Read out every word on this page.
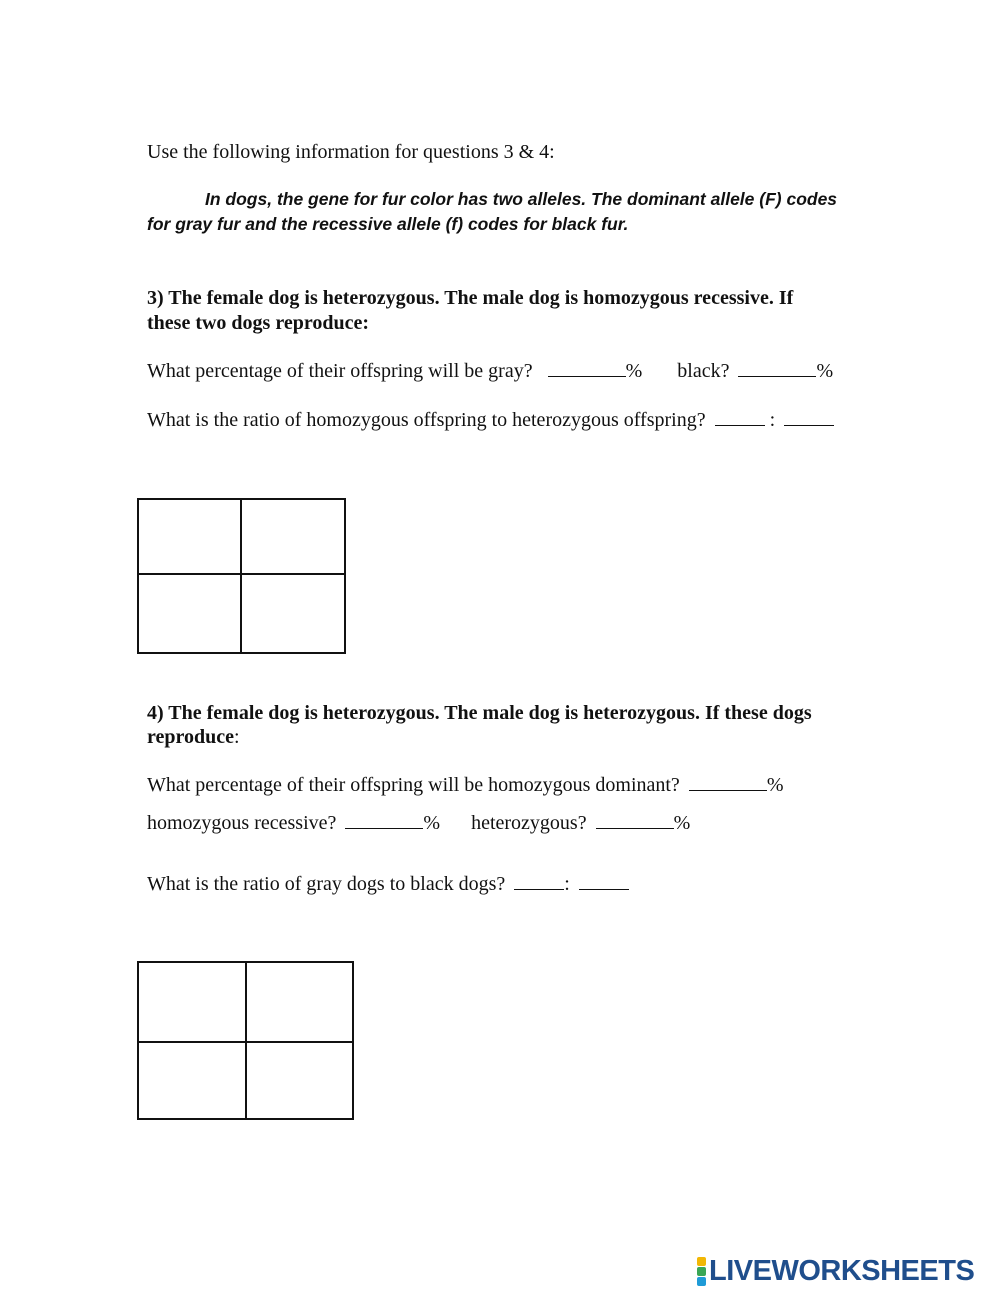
Use the following information for questions 3 & 4:
In dogs, the gene for fur color has two alleles. The dominant allele (F) codes
for gray fur and the recessive allele (f) codes for black fur.
3) The female dog is heterozygous. The male dog is homozygous recessive. If
these two dogs reproduce:
What percentage of their offspring will be gray?	% black?	%
What is the ratio of homozygous offspring to heterozygous offspring?	:
4) The female dog is heterozygous. The male dog is heterozygous. If these dogs
reproduce:
What percentage of their offspring will be homozygous dominant?	%
homozygous recessive?	% heterozygous?	%
What is the ratio of gray dogs to black dogs?	:
LIVEWORKSHEETS
